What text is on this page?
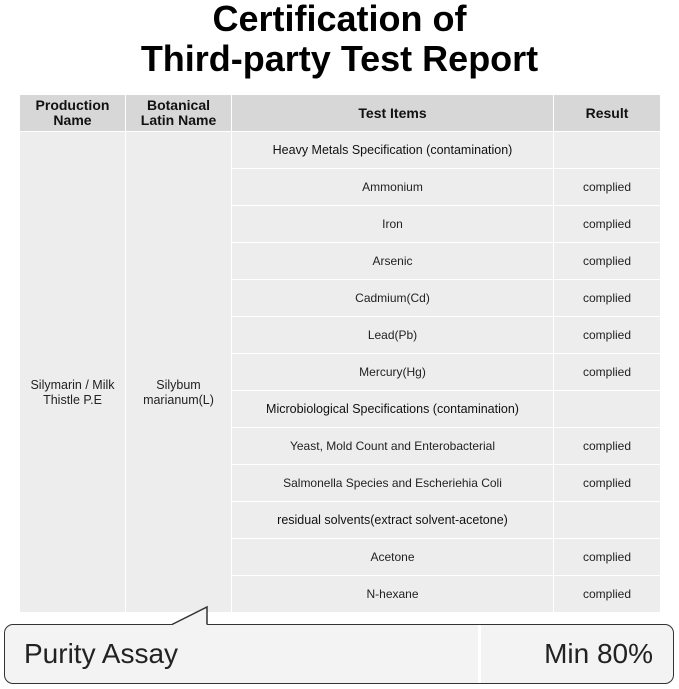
Certification of
Third-party Test Report
Production Name	Botanical Latin Name	Test Items	Result

Silymarin / Milk Thistle P.E	Silybum marianum(L)	Heavy Metals Specification (contamination)	
		Ammonium	complied
		Iron	complied
		Arsenic	complied
		Cadmium(Cd)	complied
		Lead(Pb)	complied
		Mercury(Hg)	complied
		Microbiological Specifications (contamination)	
		Yeast, Mold Count and Enterobacterial	complied
		Salmonella Species and Escheriehia Coli	complied
		residual solvents(extract solvent-acetone)	
		Acetone	complied
		N-hexane	complied
Purity Assay	Min 80%
